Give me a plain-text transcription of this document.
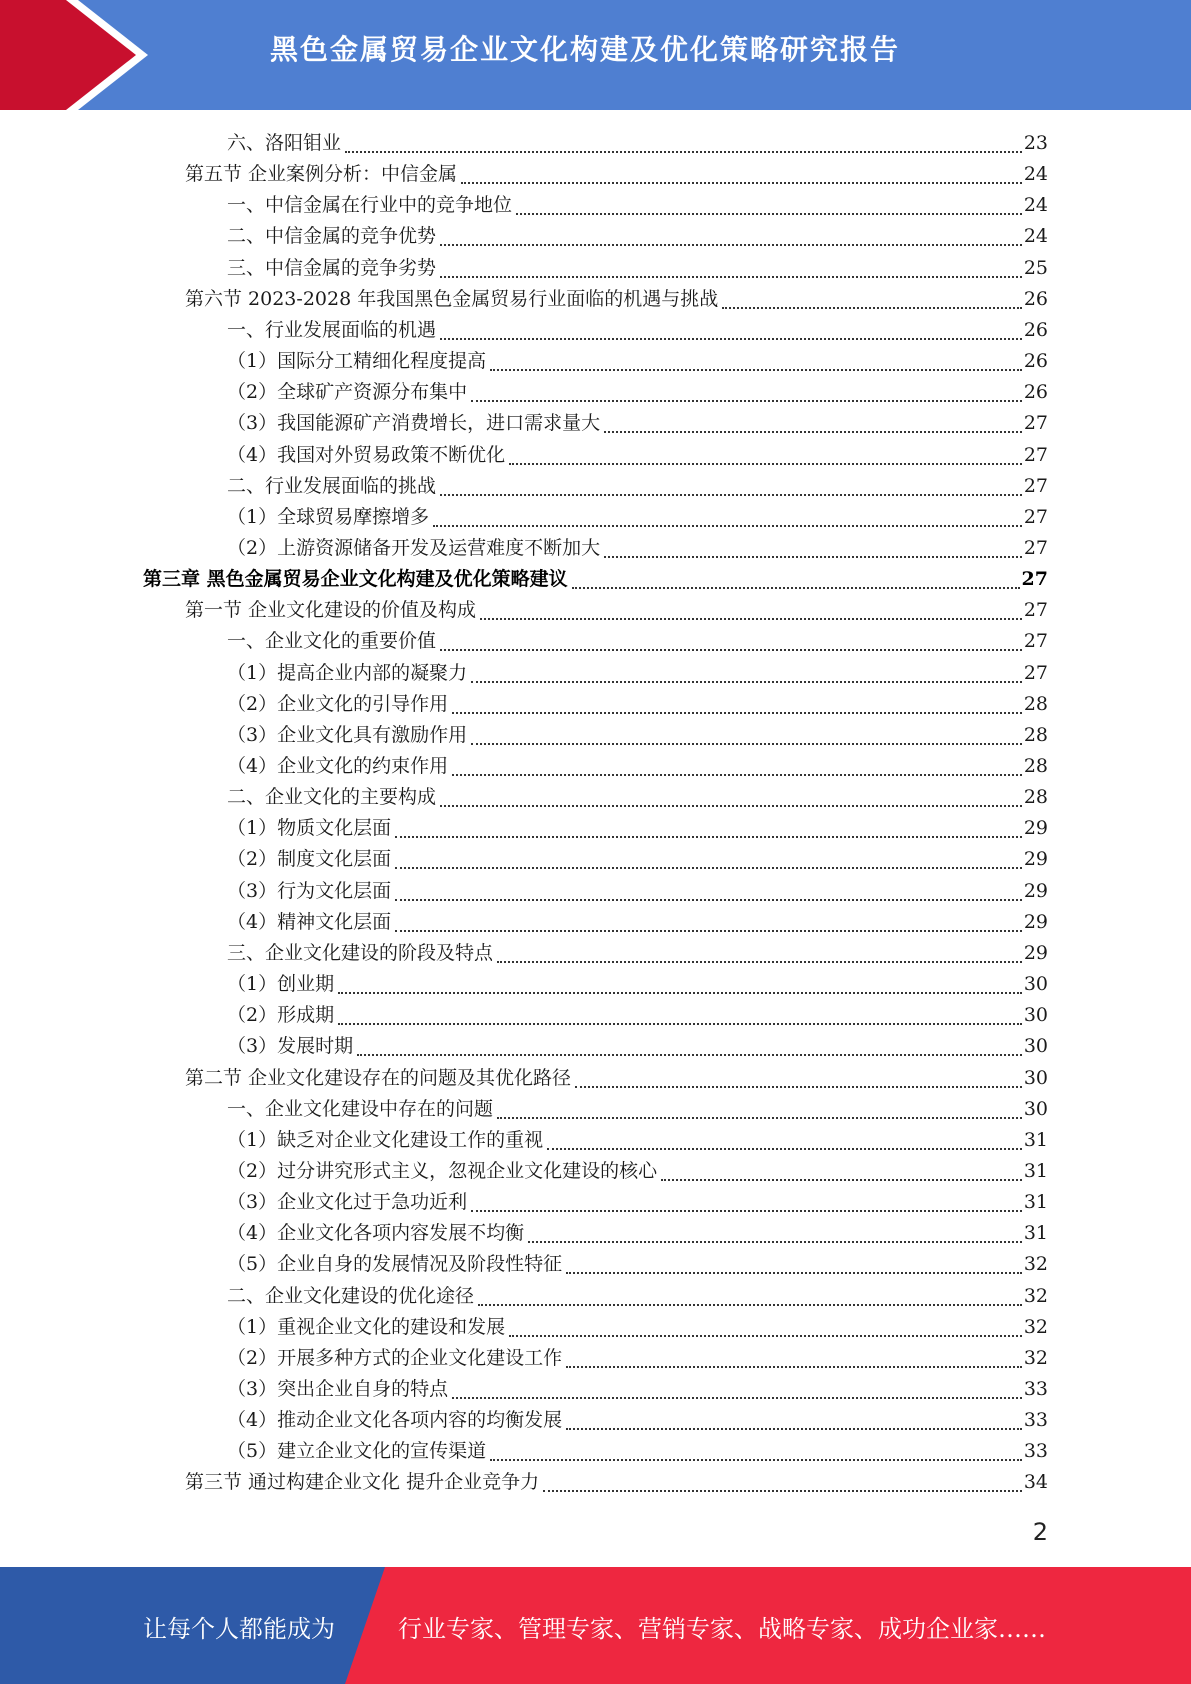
黑色金属贸易企业文化构建及优化策略研究报告
六、洛阳钼业	23
第五节 企业案例分析：中信金属	24
一、中信金属在行业中的竞争地位	24
二、中信金属的竞争优势	24
三、中信金属的竞争劣势	25
第六节 2023-2028 年我国黑色金属贸易行业面临的机遇与挑战	26
一、行业发展面临的机遇	26
（1）国际分工精细化程度提高	26
（2）全球矿产资源分布集中	26
（3）我国能源矿产消费增长，进口需求量大	27
（4）我国对外贸易政策不断优化	27
二、行业发展面临的挑战	27
（1）全球贸易摩擦增多	27
（2）上游资源储备开发及运营难度不断加大	27
第三章 黑色金属贸易企业文化构建及优化策略建议	27
第一节 企业文化建设的价值及构成	27
一、企业文化的重要价值	27
（1）提高企业内部的凝聚力	27
（2）企业文化的引导作用	28
（3）企业文化具有激励作用	28
（4）企业文化的约束作用	28
二、企业文化的主要构成	28
（1）物质文化层面	29
（2）制度文化层面	29
（3）行为文化层面	29
（4）精神文化层面	29
三、企业文化建设的阶段及特点	29
（1）创业期	30
（2）形成期	30
（3）发展时期	30
第二节 企业文化建设存在的问题及其优化路径	30
一、企业文化建设中存在的问题	30
（1）缺乏对企业文化建设工作的重视	31
（2）过分讲究形式主义，忽视企业文化建设的核心	31
（3）企业文化过于急功近利	31
（4）企业文化各项内容发展不均衡	31
（5）企业自身的发展情况及阶段性特征	32
二、企业文化建设的优化途径	32
（1）重视企业文化的建设和发展	32
（2）开展多种方式的企业文化建设工作	32
（3）突出企业自身的特点	33
（4）推动企业文化各项内容的均衡发展	33
（5）建立企业文化的宣传渠道	33
第三节 通过构建企业文化 提升企业竞争力	34
2
让每个人都能成为	行业专家、管理专家、营销专家、战略专家、成功企业家……
